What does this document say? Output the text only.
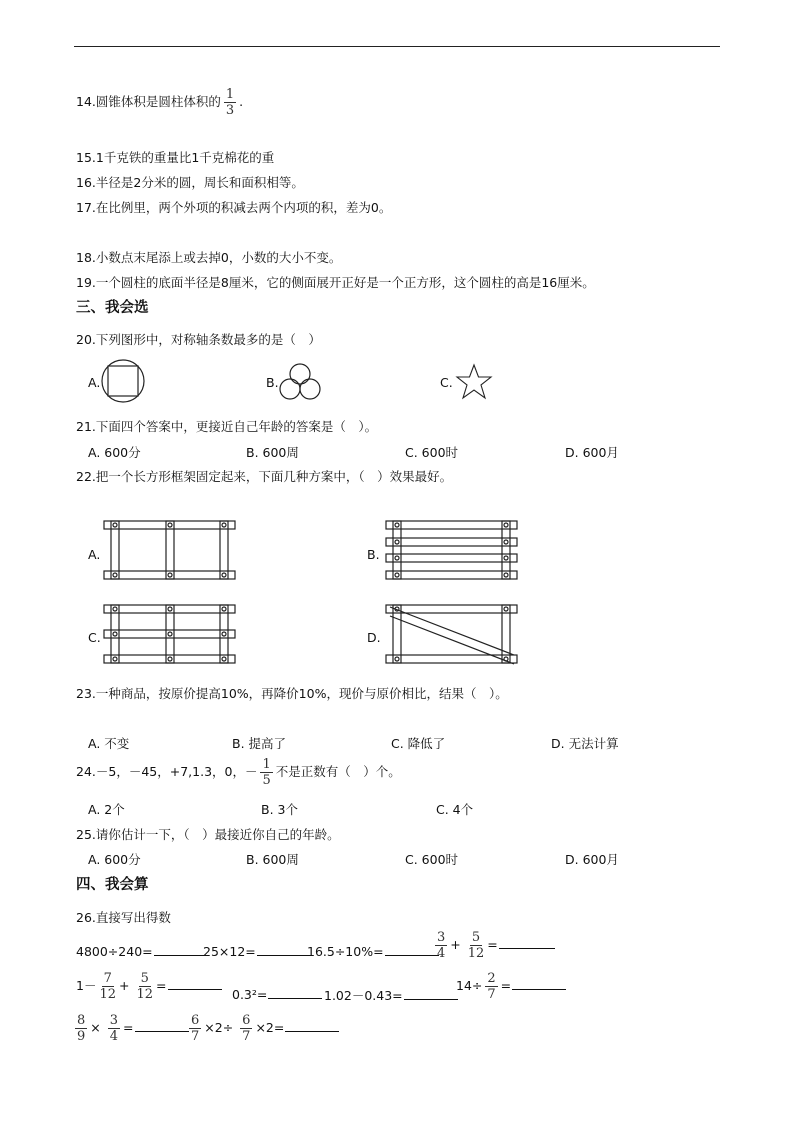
14.圆锥体积是圆柱体积的 $\frac{1}{3}$ .
15.1千克铁的重量比1千克棉花的重
16.半径是2分米的圆，周长和面积相等。
17.在比例里，两个外项的积减去两个内项的积，差为0。
18.小数点末尾添上或去掉0，小数的大小不变。
19.一个圆柱的底面半径是8厘米，它的侧面展开正好是一个正方形，这个圆柱的高是16厘米。
三、我会选
20.下列图形中，对称轴条数最多的是（　）
A.	B.	C.
21.下面四个答案中，更接近自己年龄的答案是（　）。
A. 600分	B. 600周	C. 600时	D. 600月
22.把一个长方形框架固定起来，下面几种方案中，（　）效果最好。
A.	B.
C.	D.
23.一种商品，按原价提高10%，再降价10%，现价与原价相比，结果（　）。
A. 不变	B. 提高了	C. 降低了	D. 无法计算
24.－5，－45，+7,1.3，0，－ $\frac{1}{5}$ 不是正数有（　）个。
A. 2个	B. 3个	C. 4个
25.请你估计一下，（　）最接近你自己的年龄。
A. 600分	B. 600周	C. 600时	D. 600月
四、我会算
26.直接写出得数
4800÷240=	25×12=	16.5÷10%=	$\frac{3}{4} + \frac{5}{12}$ =
$1- \frac{7}{12} + \frac{5}{12}$ =
0.3²=	1.02－0.43=
$14\div \frac{2}{7}$ =
$\frac{8}{9} \times \frac{3}{4}$ =	$\frac{6}{7} \times 2\div \frac{6}{7} \times 2=$
